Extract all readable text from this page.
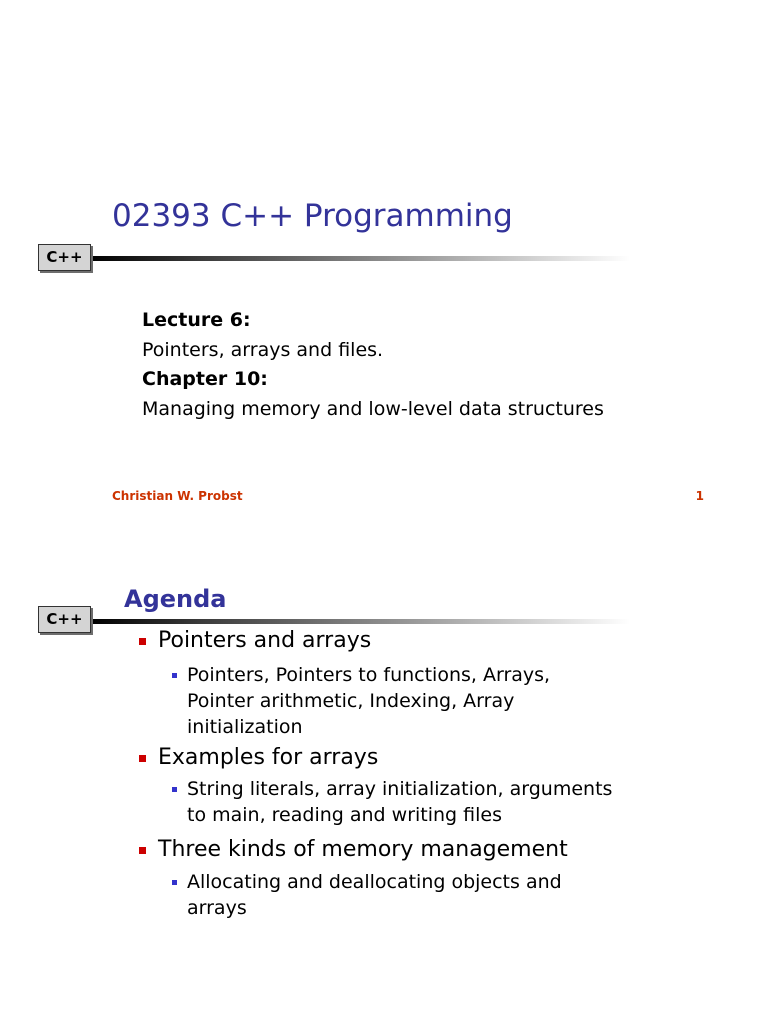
02393 C++ Programming
C++
Lecture 6:
Pointers, arrays and files.
Chapter 10:
Managing memory and low-level data structures
Christian W. Probst	1
Agenda
C++
Pointers and arrays
Pointers, Pointers to functions, Arrays,
Pointer arithmetic, Indexing, Array
initialization
Examples for arrays
String literals, array initialization, arguments
to main, reading and writing files
Three kinds of memory management
Allocating and deallocating objects and
arrays
